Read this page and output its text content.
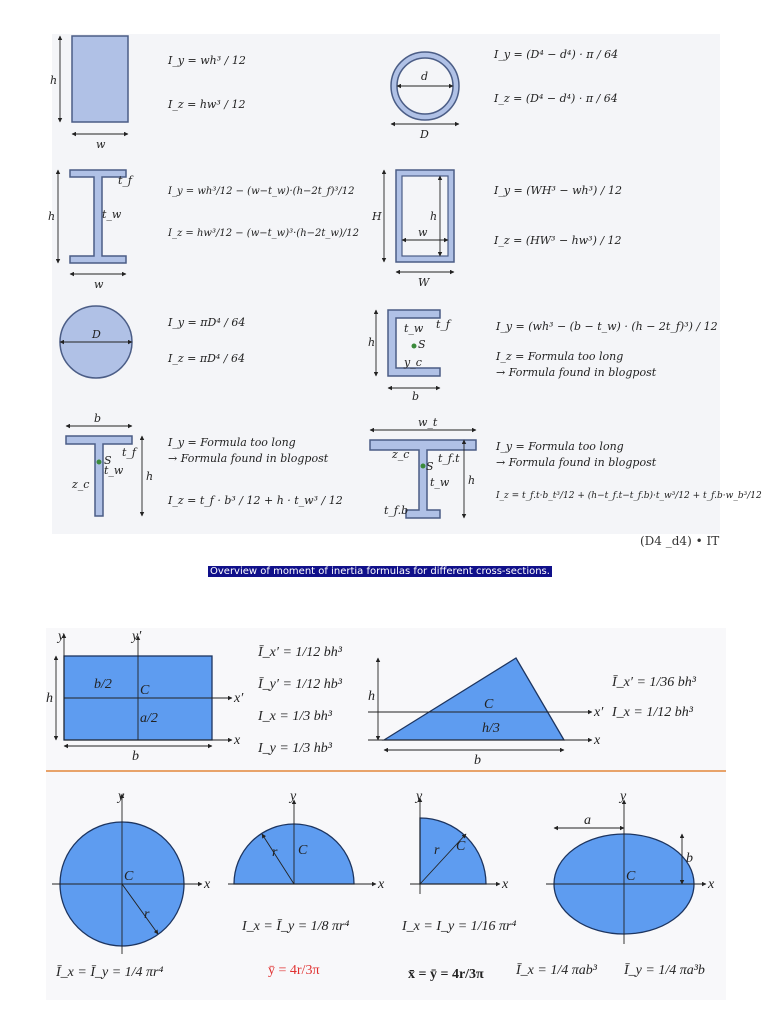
h
w
I_y = wh³ / 12
I_z = hw³ / 12
d
D
I_y = (D⁴ − d⁴) · π / 64
I_z = (D⁴ − d⁴) · π / 64
h
w
t_f
t_w
I_y = wh³/12 − (w−t_w)·(h−2t_f)³/12
I_z = hw³/12 − (w−t_w)³·(h−2t_w)/12
H	h
w
W
I_y = (WH³ − wh³) / 12
I_z = (HW³ − hw³) / 12
D
I_y = πD⁴ / 64
I_z = πD⁴ / 64
h
b
t_f
t_w
S
y_c
I_y = (wh³ − (b − t_w) · (h − 2t_f)³) / 12
I_z = Formula too long
→ Formula found in blogpost
b
h
t_f
t_w
S
z_c
I_y = Formula too long
→ Formula found in blogpost
I_z = t_f · b³ / 12 + h · t_w³ / 12
w_t
h
t_f.t
t_w
S
z_c
t_f.b
I_y = Formula too long
→ Formula found in blogpost
I_z = t_f.t·b_t³/12 + (h−t_f.t−t_f.b)·t_w³/12 + t_f.b·w_b³/12
(D4 _d4) • IT
Overview of moment of inertia formulas for different cross-sections.
y	y′
x′
x
h
b
b/2
a/2
C
Ī_x′ = 1/12 bh³
Ī_y′ = 1/12 hb³
I_x = 1/3 bh³
I_y = 1/3 hb³
h
b
h/3
C
x′
x
Ī_x′ = 1/36 bh³
I_x = 1/12 bh³
x
y
r
C
Ī_x = Ī_y = 1/4 πr⁴
x
y
r C
I_x = Ī_y = 1/8 πr⁴
ȳ = 4r/3π
x
y
r C
I_x = I_y = 1/16 πr⁴
x̄ = ȳ = 4r/3π
x
y
a
b
C
Ī_x = 1/4 πab³ Ī_y = 1/4 πa³b
